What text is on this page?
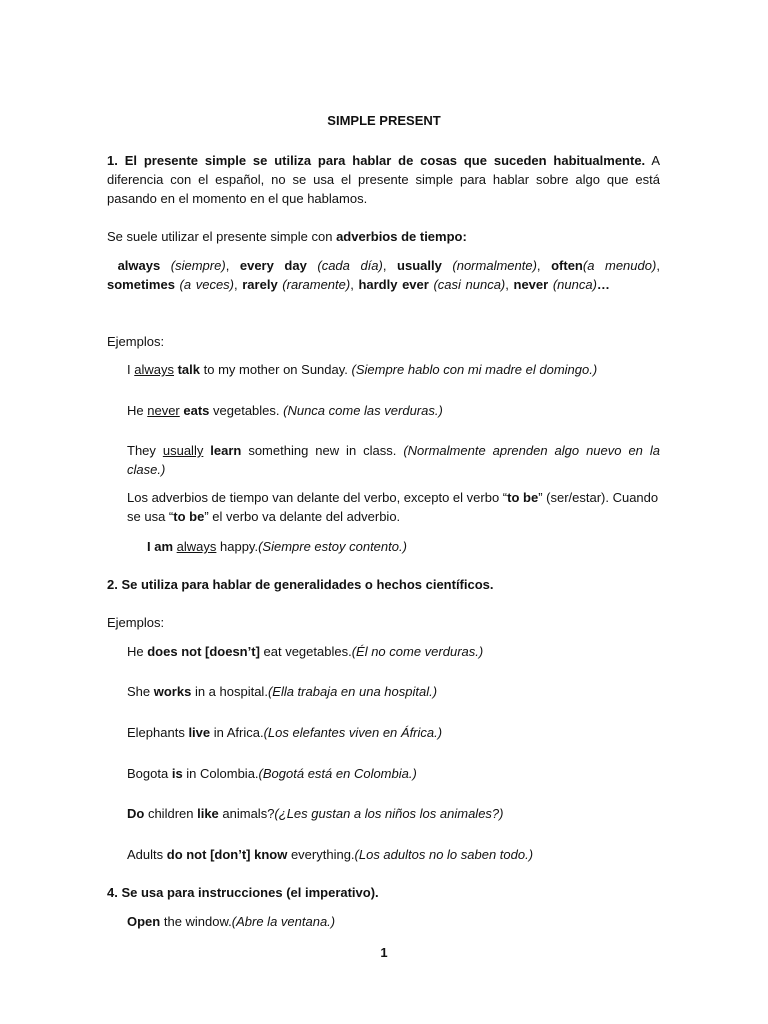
SIMPLE PRESENT

1. El presente simple se utiliza para hablar de cosas que suceden habitualmente. A diferencia con el español, no se usa el presente simple para hablar sobre algo que está pasando en el momento en el que hablamos.

Se suele utilizar el presente simple con adverbios de tiempo:

always (siempre), every day (cada día), usually (normalmente), often(a menudo), sometimes (a veces), rarely (raramente), hardly ever (casi nunca), never (nunca)…

Ejemplos:

I always talk to my mother on Sunday. (Siempre hablo con mi madre el domingo.)

He never eats vegetables. (Nunca come las verduras.)

They usually learn something new in class. (Normalmente aprenden algo nuevo en la clase.)

Los adverbios de tiempo van delante del verbo, excepto el verbo “to be” (ser/estar). Cuando se usa “to be” el verbo va delante del adverbio.

I am always happy.(Siempre estoy contento.)

2. Se utiliza para hablar de generalidades o hechos científicos.

Ejemplos:

He does not [doesn’t] eat vegetables.(Él no come verduras.)

She works in a hospital.(Ella trabaja en una hospital.)

Elephants live in Africa.(Los elefantes viven en África.)

Bogota is in Colombia.(Bogotá está en Colombia.)

Do children like animals?(¿Les gustan a los niños los animales?)

Adults do not [don’t] know everything.(Los adultos no lo saben todo.)

4. Se usa para instrucciones (el imperativo).

Open the window.(Abre la ventana.)

1
